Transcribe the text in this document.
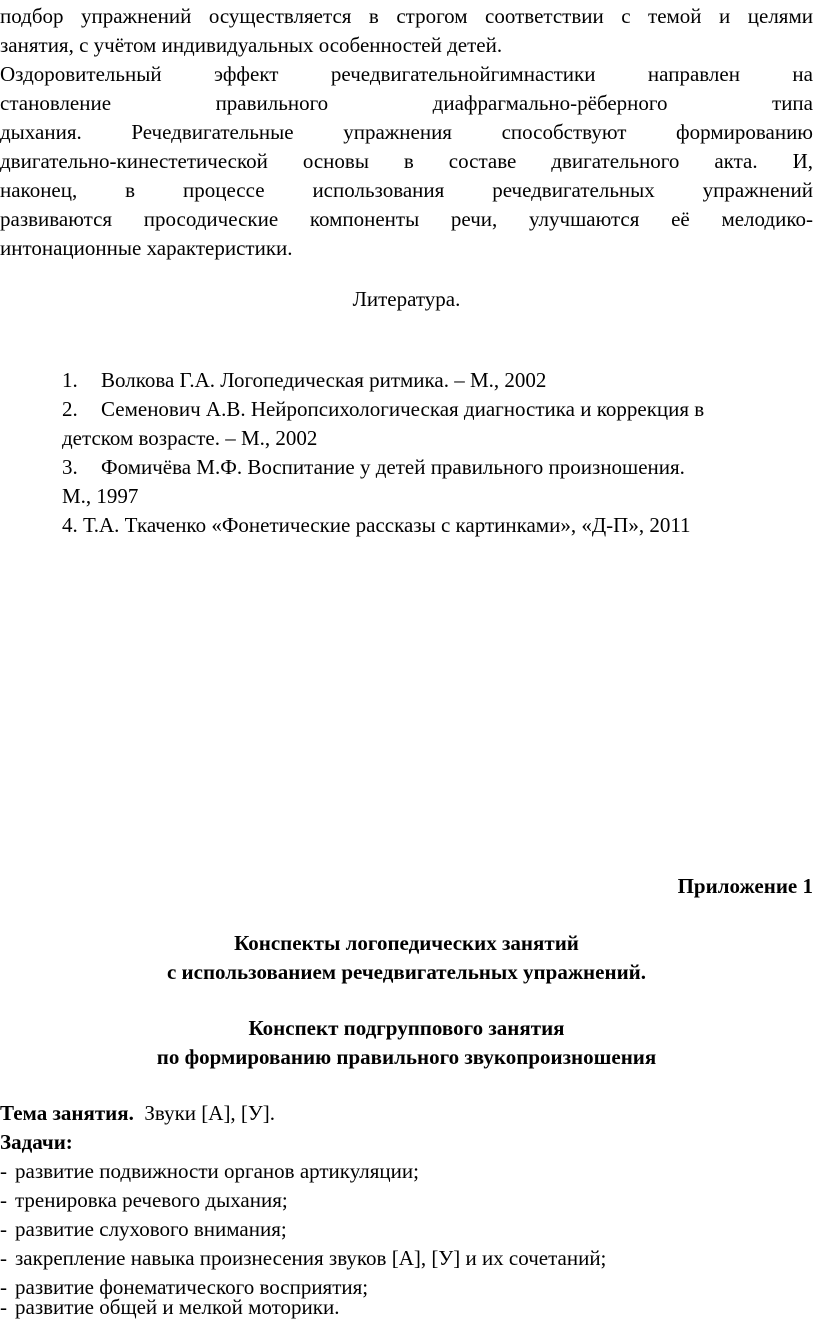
подбор упражнений осуществляется в строгом соответствии с темой и целями
занятия, с учётом индивидуальных особенностей детей.
Оздоровительный эффект речедвигательнойгимнастики направлен на
становление правильного диафрагмально-рёберного типа
дыхания. Речедвигательные упражнения способствуют формированию
двигательно-кинестетической основы в составе двигательного акта. И,
наконец, в процессе использования речедвигательных упражнений
развиваются просодические компоненты речи, улучшаются её мелодико-
интонационные характеристики.
Литература.
1. Волкова Г.А. Логопедическая ритмика. – М., 2002
2. Семенович А.В. Нейропсихологическая диагностика и коррекция в
детском возрасте. – М., 2002
3. Фомичёва М.Ф. Воспитание у детей правильного произношения.
М., 1997
4. Т.А. Ткаченко «Фонетические рассказы с картинками», «Д-П», 2011
Приложение 1
Конспекты логопедических занятий
с использованием речедвигательных упражнений.
Конспект подгруппового занятия
по формированию правильного звукопроизношения
Тема занятия.  Звуки [А], [У].
Задачи:
- развитие подвижности органов артикуляции;
- тренировка речевого дыхания;
- развитие слухового внимания;
- закрепление навыка произнесения звуков [А], [У] и их сочетаний;
- развитие фонематического восприятия;
- развитие общей и мелкой моторики.
